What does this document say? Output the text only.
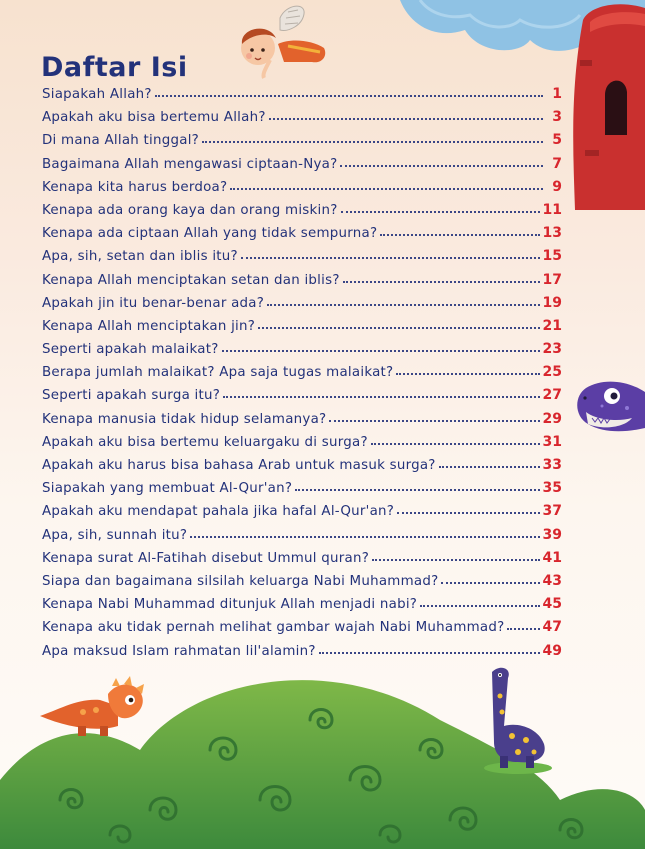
Daftar Isi
Siapakah Allah?	1
Apakah aku bisa bertemu Allah?	3
Di mana Allah tinggal?	5
Bagaimana Allah mengawasi ciptaan-Nya?	7
Kenapa kita harus berdoa?	9
Kenapa ada orang kaya dan orang miskin?	11
Kenapa ada ciptaan Allah yang tidak sempurna?	13
Apa, sih, setan dan iblis itu?	15
Kenapa Allah menciptakan setan dan iblis?	17
Apakah jin itu benar-benar ada?	19
Kenapa Allah menciptakan jin?	21
Seperti apakah malaikat?	23
Berapa jumlah malaikat? Apa saja tugas malaikat?	25
Seperti apakah surga itu?	27
Kenapa manusia tidak hidup selamanya?	29
Apakah aku bisa bertemu keluargaku di surga?	31
Apakah aku harus bisa bahasa Arab untuk masuk surga?	33
Siapakah yang membuat Al-Qur'an?	35
Apakah aku mendapat pahala jika hafal Al-Qur'an?	37
Apa, sih, sunnah itu?	39
Kenapa surat Al-Fatihah disebut Ummul quran?	41
Siapa dan bagaimana silsilah keluarga Nabi Muhammad?	43
Kenapa Nabi Muhammad ditunjuk Allah menjadi nabi?	45
Kenapa aku tidak pernah melihat gambar wajah Nabi Muhammad?	47
Apa maksud Islam rahmatan lil'alamin?	49
